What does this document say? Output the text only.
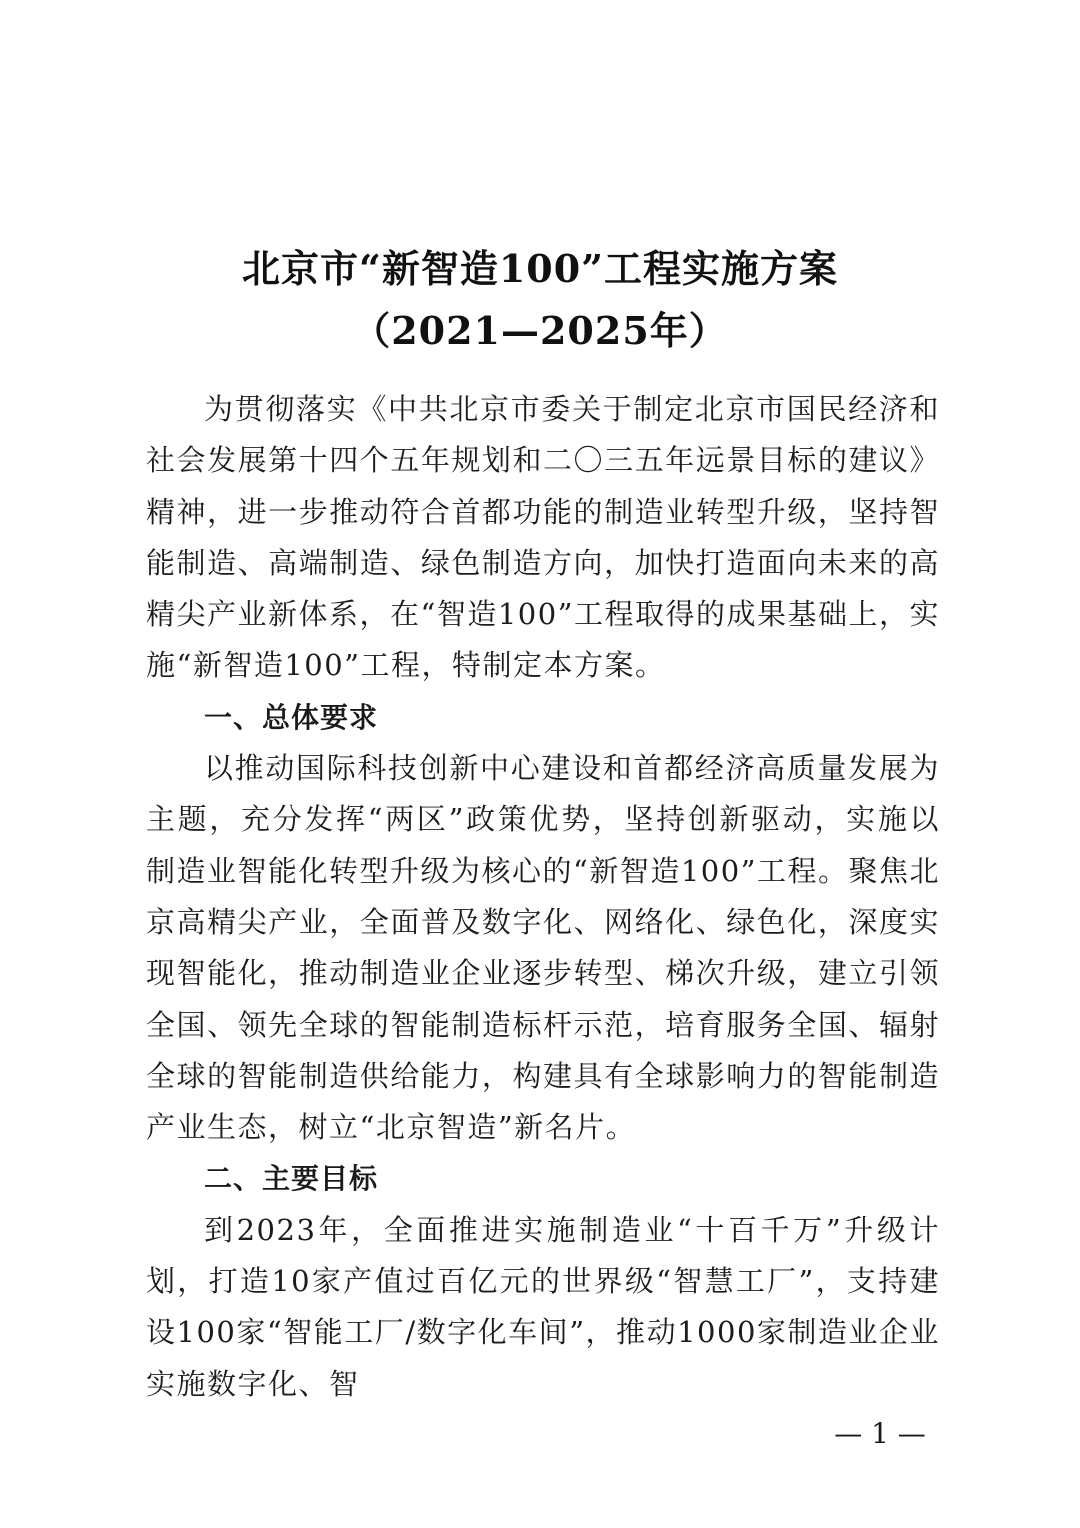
北京市“新智造100”工程实施方案
（2021—2025年）

为贯彻落实《中共北京市委关于制定北京市国民经济和社会发展第十四个五年规划和二〇三五年远景目标的建议》精神，进一步推动符合首都功能的制造业转型升级，坚持智能制造、高端制造、绿色制造方向，加快打造面向未来的高精尖产业新体系，在“智造100”工程取得的成果基础上，实施“新智造100”工程，特制定本方案。

一、总体要求

以推动国际科技创新中心建设和首都经济高质量发展为主题，充分发挥“两区”政策优势，坚持创新驱动，实施以制造业智能化转型升级为核心的“新智造100”工程。聚焦北京高精尖产业，全面普及数字化、网络化、绿色化，深度实现智能化，推动制造业企业逐步转型、梯次升级，建立引领全国、领先全球的智能制造标杆示范，培育服务全国、辐射全球的智能制造供给能力，构建具有全球影响力的智能制造产业生态，树立“北京智造”新名片。

二、主要目标

到2023年，全面推进实施制造业“十百千万”升级计划，打造10家产值过百亿元的世界级“智慧工厂”，支持建设100家“智能工厂/数字化车间”，推动1000家制造业企业实施数字化、智

— 1 —
